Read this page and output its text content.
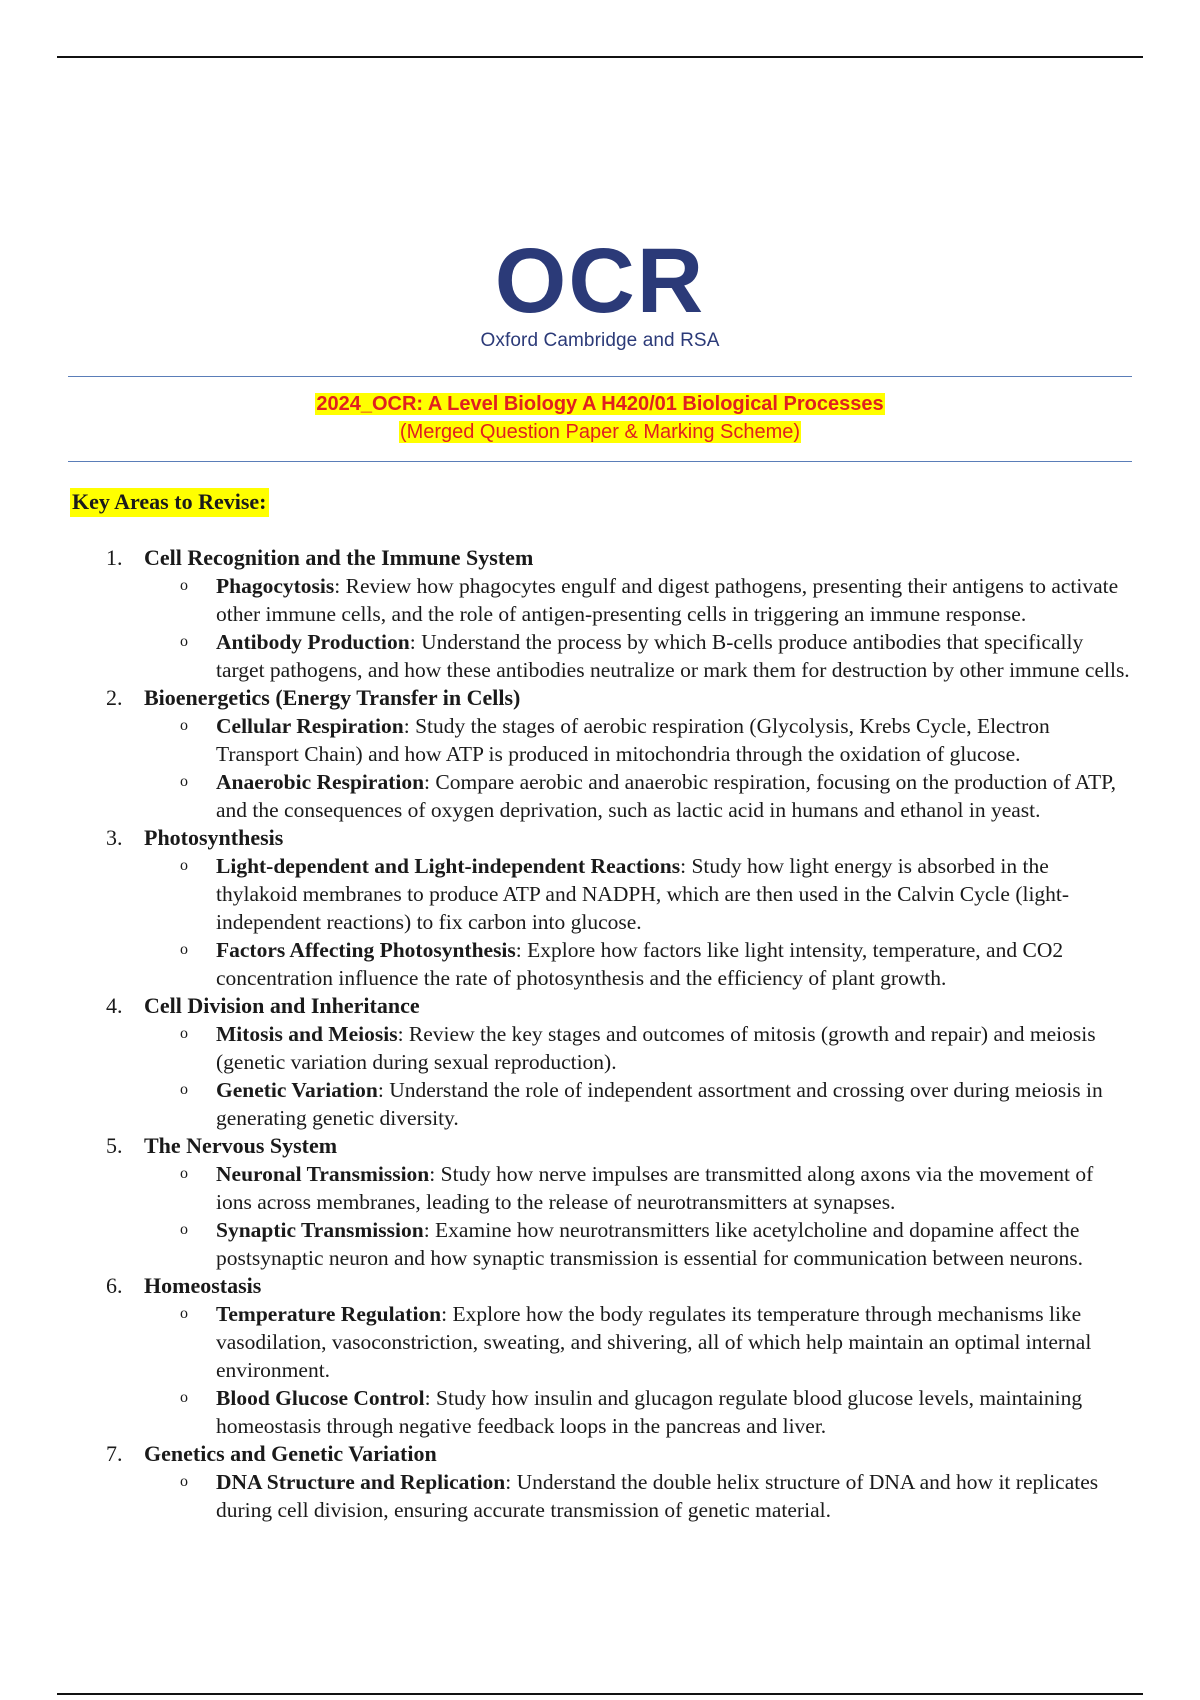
OCR
Oxford Cambridge and RSA
2024_OCR: A Level Biology A H420/01 Biological Processes
(Merged Question Paper & Marking Scheme)
Key Areas to Revise:
1. Cell Recognition and the Immune System
o Phagocytosis: Review how phagocytes engulf and digest pathogens, presenting their antigens to activate other immune cells, and the role of antigen-presenting cells in triggering an immune response.
o Antibody Production: Understand the process by which B-cells produce antibodies that specifically target pathogens, and how these antibodies neutralize or mark them for destruction by other immune cells.
2. Bioenergetics (Energy Transfer in Cells)
o Cellular Respiration: Study the stages of aerobic respiration (Glycolysis, Krebs Cycle, Electron Transport Chain) and how ATP is produced in mitochondria through the oxidation of glucose.
o Anaerobic Respiration: Compare aerobic and anaerobic respiration, focusing on the production of ATP, and the consequences of oxygen deprivation, such as lactic acid in humans and ethanol in yeast.
3. Photosynthesis
o Light-dependent and Light-independent Reactions: Study how light energy is absorbed in the thylakoid membranes to produce ATP and NADPH, which are then used in the Calvin Cycle (light-independent reactions) to fix carbon into glucose.
o Factors Affecting Photosynthesis: Explore how factors like light intensity, temperature, and CO2 concentration influence the rate of photosynthesis and the efficiency of plant growth.
4. Cell Division and Inheritance
o Mitosis and Meiosis: Review the key stages and outcomes of mitosis (growth and repair) and meiosis (genetic variation during sexual reproduction).
o Genetic Variation: Understand the role of independent assortment and crossing over during meiosis in generating genetic diversity.
5. The Nervous System
o Neuronal Transmission: Study how nerve impulses are transmitted along axons via the movement of ions across membranes, leading to the release of neurotransmitters at synapses.
o Synaptic Transmission: Examine how neurotransmitters like acetylcholine and dopamine affect the postsynaptic neuron and how synaptic transmission is essential for communication between neurons.
6. Homeostasis
o Temperature Regulation: Explore how the body regulates its temperature through mechanisms like vasodilation, vasoconstriction, sweating, and shivering, all of which help maintain an optimal internal environment.
o Blood Glucose Control: Study how insulin and glucagon regulate blood glucose levels, maintaining homeostasis through negative feedback loops in the pancreas and liver.
7. Genetics and Genetic Variation
o DNA Structure and Replication: Understand the double helix structure of DNA and how it replicates during cell division, ensuring accurate transmission of genetic material.
